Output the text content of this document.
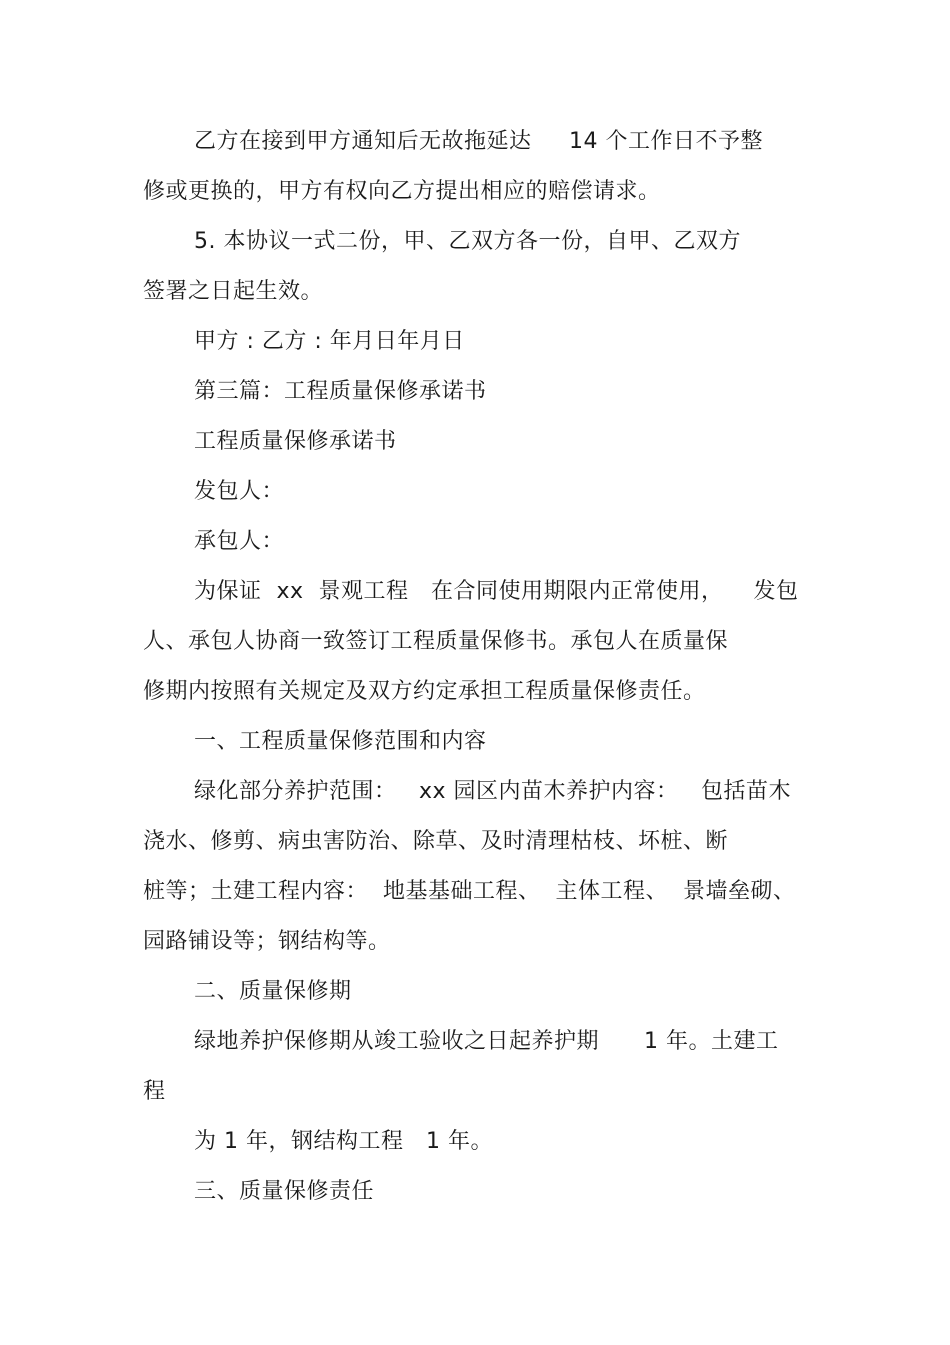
乙方在接到甲方通知后无故拖延达 　 14 个工作日不予整
修或更换的，甲方有权向乙方提出相应的赔偿请求。
5. 本协议一式二份，甲、乙双方各一份，自甲、乙双方
签署之日起生效。
甲方 : 乙方 : 年月日年月日
第三篇：工程质量保修承诺书
工程质量保修承诺书
发包人：
承包人：
为保证  xx  景观工程   在合同使用期限内正常使用，    发包
人、承包人协商一致签订工程质量保修书。承包人在质量保
修期内按照有关规定及双方约定承担工程质量保修责任。
一、工程质量保修范围和内容
绿化部分养护范围：   xx 园区内苗木养护内容：   包括苗木
浇水、修剪、病虫害防治、除草、及时清理枯枝、坏桩、断
桩等；土建工程内容：  地基基础工程、  主体工程、  景墙垒砌、
园路铺设等；钢结构等。
二、质量保修期
绿地养护保修期从竣工验收之日起养护期      1 年。土建工
程
为 1 年，钢结构工程   1 年。
三、质量保修责任
